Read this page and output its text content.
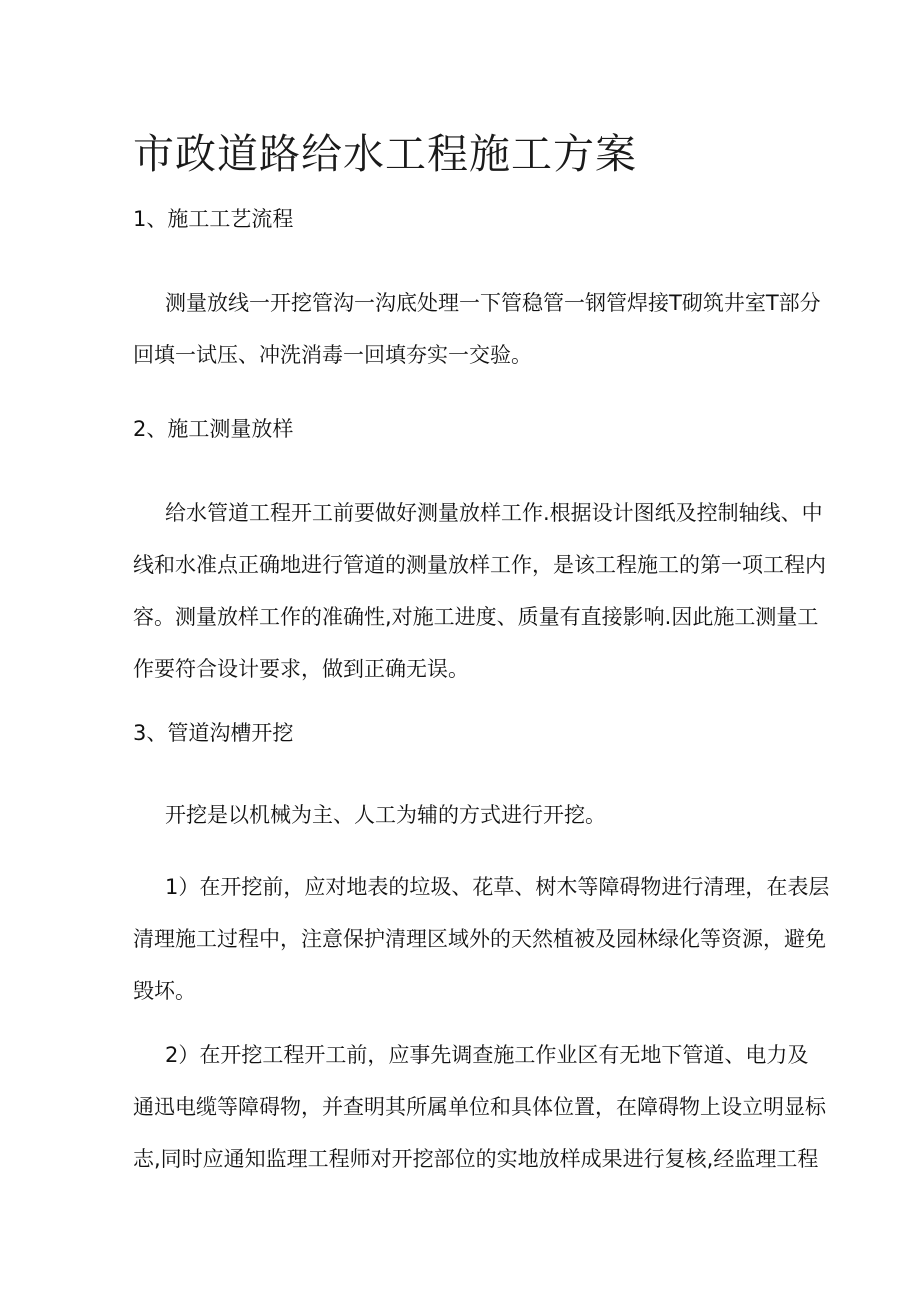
市政道路给水工程施工方案
1、施工工艺流程

测量放线一开挖管沟一沟底处理一下管稳管一钢管焊接T砌筑井室T部分
回填一试压、冲洗消毒一回填夯实一交验。

2、施工测量放样

给水管道工程开工前要做好测量放样工作.根据设计图纸及控制轴线、中
线和水准点正确地进行管道的测量放样工作，是该工程施工的第一项工程内
容。测量放样工作的准确性,对施工进度、质量有直接影响.因此施工测量工
作要符合设计要求，做到正确无误。

3、管道沟槽开挖

开挖是以机械为主、人工为辅的方式进行开挖。

1）在开挖前，应对地表的垃圾、花草、树木等障碍物进行清理，在表层
清理施工过程中，注意保护清理区域外的天然植被及园林绿化等资源，避免
毁坏。

2）在开挖工程开工前，应事先调查施工作业区有无地下管道、电力及
通迅电缆等障碍物，并查明其所属单位和具体位置，在障碍物上设立明显标
志,同时应通知监理工程师对开挖部位的实地放样成果进行复核,经监理工程
